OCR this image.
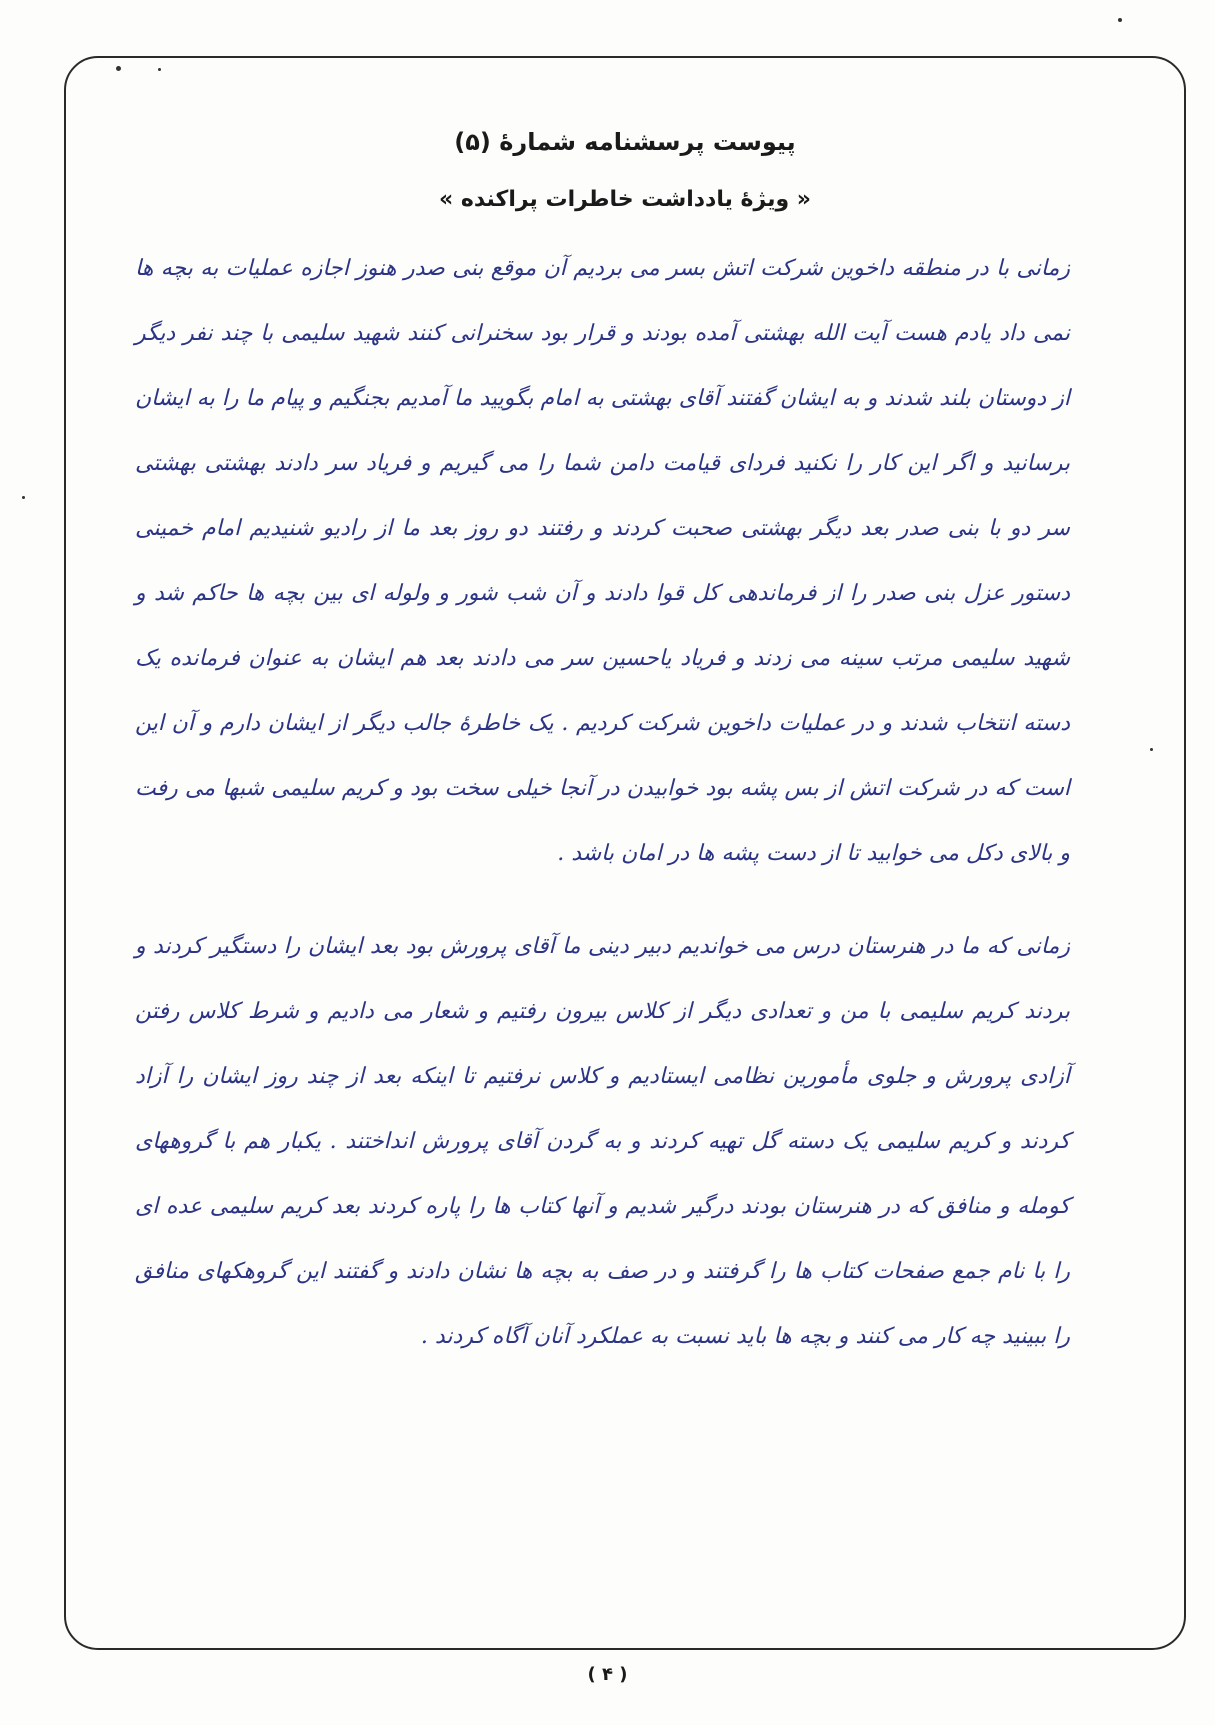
پیوست پرسشنامه شمارهٔ (۵)
« ویژهٔ یادداشت خاطرات پراکنده »

زمانی با در منطقه داخوین شرکت اتش بسر می بردیم آن موقع بنی صدر هنوز اجازه عملیات به بچه ها نمی داد یادم هست آیت الله بهشتی آمده بودند و قرار بود سخنرانی کنند شهید سلیمی با چند نفر دیگر از دوستان بلند شدند و به ایشان گفتند آقای بهشتی به امام بگویید ما آمدیم بجنگیم و پیام ما را به ایشان برسانید و اگر این کار را نکنید فردای قیامت دامن شما را می گیریم و فریاد سر دادند بهشتی بهشتی سر دو با بنی صدر بعد دیگر بهشتی صحبت کردند و رفتند دو روز بعد ما از رادیو شنیدیم امام خمینی دستور عزل بنی صدر را از فرماندهی کل قوا دادند و آن شب شور و ولوله ای بین بچه ها حاکم شد و شهید سلیمی مرتب سینه می زدند و فریاد یاحسین سر می دادند بعد هم ایشان به عنوان فرمانده یک دسته انتخاب شدند و در عملیات داخوین شرکت کردیم . یک خاطرهٔ جالب دیگر از ایشان دارم و آن این است که در شرکت اتش از بس پشه بود خوابیدن در آنجا خیلی سخت بود و کریم سلیمی شبها می رفت و بالای دکل می خوابید تا از دست پشه ها در امان باشد .

زمانی که ما در هنرستان درس می خواندیم دبیر دینی ما آقای پرورش بود بعد ایشان را دستگیر کردند و بردند کریم سلیمی با من و تعدادی دیگر از کلاس بیرون رفتیم و شعار می دادیم و شرط کلاس رفتن آزادی پرورش و جلوی مأمورین نظامی ایستادیم و کلاس نرفتیم تا اینکه بعد از چند روز ایشان را آزاد کردند و کریم سلیمی یک دسته گل تهیه کردند و به گردن آقای پرورش انداختند . یکبار هم با گروههای کومله و منافق که در هنرستان بودند درگیر شدیم و آنها کتاب ها را پاره کردند بعد کریم سلیمی عده ای را با نام جمع صفحات کتاب ها را گرفتند و در صف به بچه ها نشان دادند و گفتند این گروهکهای منافق را ببینید چه کار می کنند و بچه ها باید نسبت به عملکرد آنان آگاه کردند .

( ۴ )
